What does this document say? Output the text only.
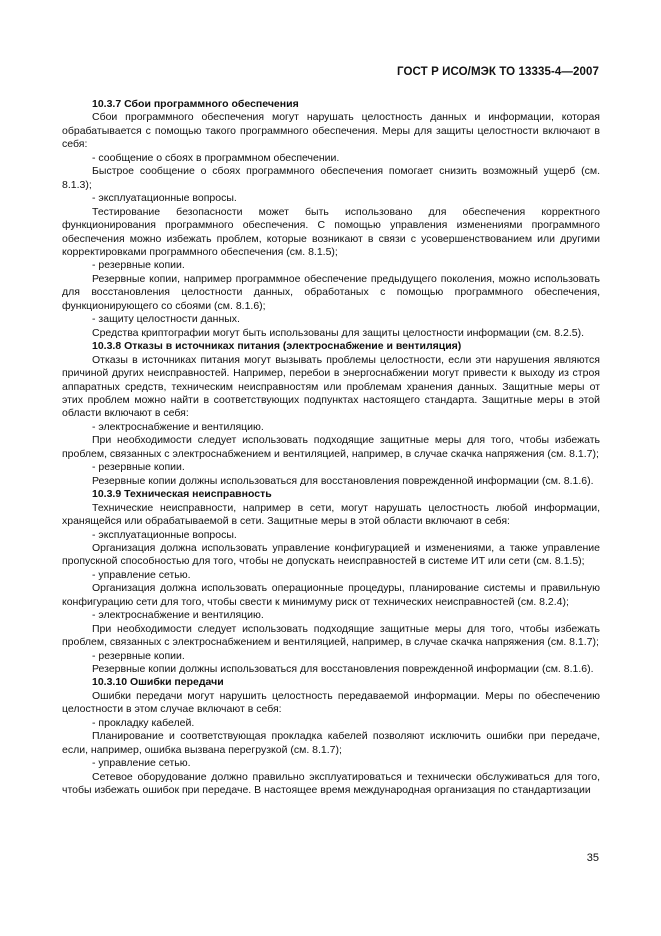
ГОСТ Р ИСО/МЭК ТО 13335-4—2007

10.3.7 Сбои программного обеспечения

Сбои программного обеспечения могут нарушать целостность данных и информации, которая обрабатывается с помощью такого программного обеспечения. Меры для защиты целостности включают в себя:

- сообщение о сбоях в программном обеспечении.

Быстрое сообщение о сбоях программного обеспечения помогает снизить возможный ущерб (см. 8.1.3);

- эксплуатационные вопросы.

Тестирование безопасности может быть использовано для обеспечения корректного функционирования программного обеспечения. С помощью управления изменениями программного обеспечения можно избежать проблем, которые возникают в связи с усовершенствованием или другими корректировками программного обеспечения (см. 8.1.5);

- резервные копии.

Резервные копии, например программное обеспечение предыдущего поколения, можно использовать для восстановления целостности данных, обработаных с помощью программного обеспечения, функционирующего со сбоями (см. 8.1.6);

- защиту целостности данных.

Средства криптографии могут быть использованы для защиты целостности информации (см. 8.2.5).

10.3.8 Отказы в источниках питания (электроснабжение и вентиляция)

Отказы в источниках питания могут вызывать проблемы целостности, если эти нарушения являются причиной других неисправностей. Например, перебои в энергоснабжении могут привести к выходу из строя аппаратных средств, техническим неисправностям или проблемам хранения данных. Защитные меры от этих проблем можно найти в соответствующих подпунктах настоящего стандарта. Защитные меры в этой области включают в себя:

- электроснабжение и вентиляцию.

При необходимости следует использовать подходящие защитные меры для того, чтобы избежать проблем, связанных с электроснабжением и вентиляцией, например, в случае скачка напряжения (см. 8.1.7);

- резервные копии.

Резервные копии должны использоваться для восстановления поврежденной информации (см. 8.1.6).

10.3.9 Техническая неисправность

Технические неисправности, например в сети, могут нарушать целостность любой информации, хранящейся или обрабатываемой в сети. Защитные меры в этой области включают в себя:

- эксплуатационные вопросы.

Организация должна использовать управление конфигурацией и изменениями, а также управление пропускной способностью для того, чтобы не допускать неисправностей в системе ИТ или сети (см. 8.1.5);

- управление сетью.

Организация должна использовать операционные процедуры, планирование системы и правильную конфигурацию сети для того, чтобы свести к минимуму риск от технических неисправностей (см. 8.2.4);

- электроснабжение и вентиляцию.

При необходимости следует использовать подходящие защитные меры для того, чтобы избежать проблем, связанных с электроснабжением и вентиляцией, например, в случае скачка напряжения (см. 8.1.7);

- резервные копии.

Резервные копии должны использоваться для восстановления поврежденной информации (см. 8.1.6).

10.3.10 Ошибки передачи

Ошибки передачи могут нарушить целостность передаваемой информации. Меры по обеспечению целостности в этом случае включают в себя:

- прокладку кабелей.

Планирование и соответствующая прокладка кабелей позволяют исключить ошибки при передаче, если, например, ошибка вызвана перегрузкой (см. 8.1.7);

- управление сетью.

Сетевое оборудование должно правильно эксплуатироваться и технически обслуживаться для того, чтобы избежать ошибок при передаче. В настоящее время международная организация по стандартизации

35
